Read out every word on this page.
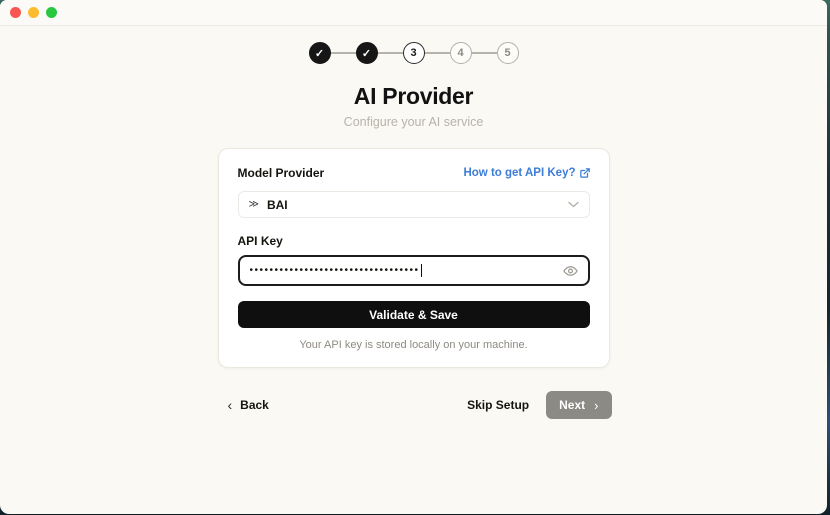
✓	✓	3	4	5
AI Provider
Configure your AI service
Model Provider	How to get API Key?
≫ BAI
API Key
••••••••••••••••••••••••••••••••••
Validate & Save
Your API key is stored locally on your machine.
‹ Back	Skip Setup	Next ›
